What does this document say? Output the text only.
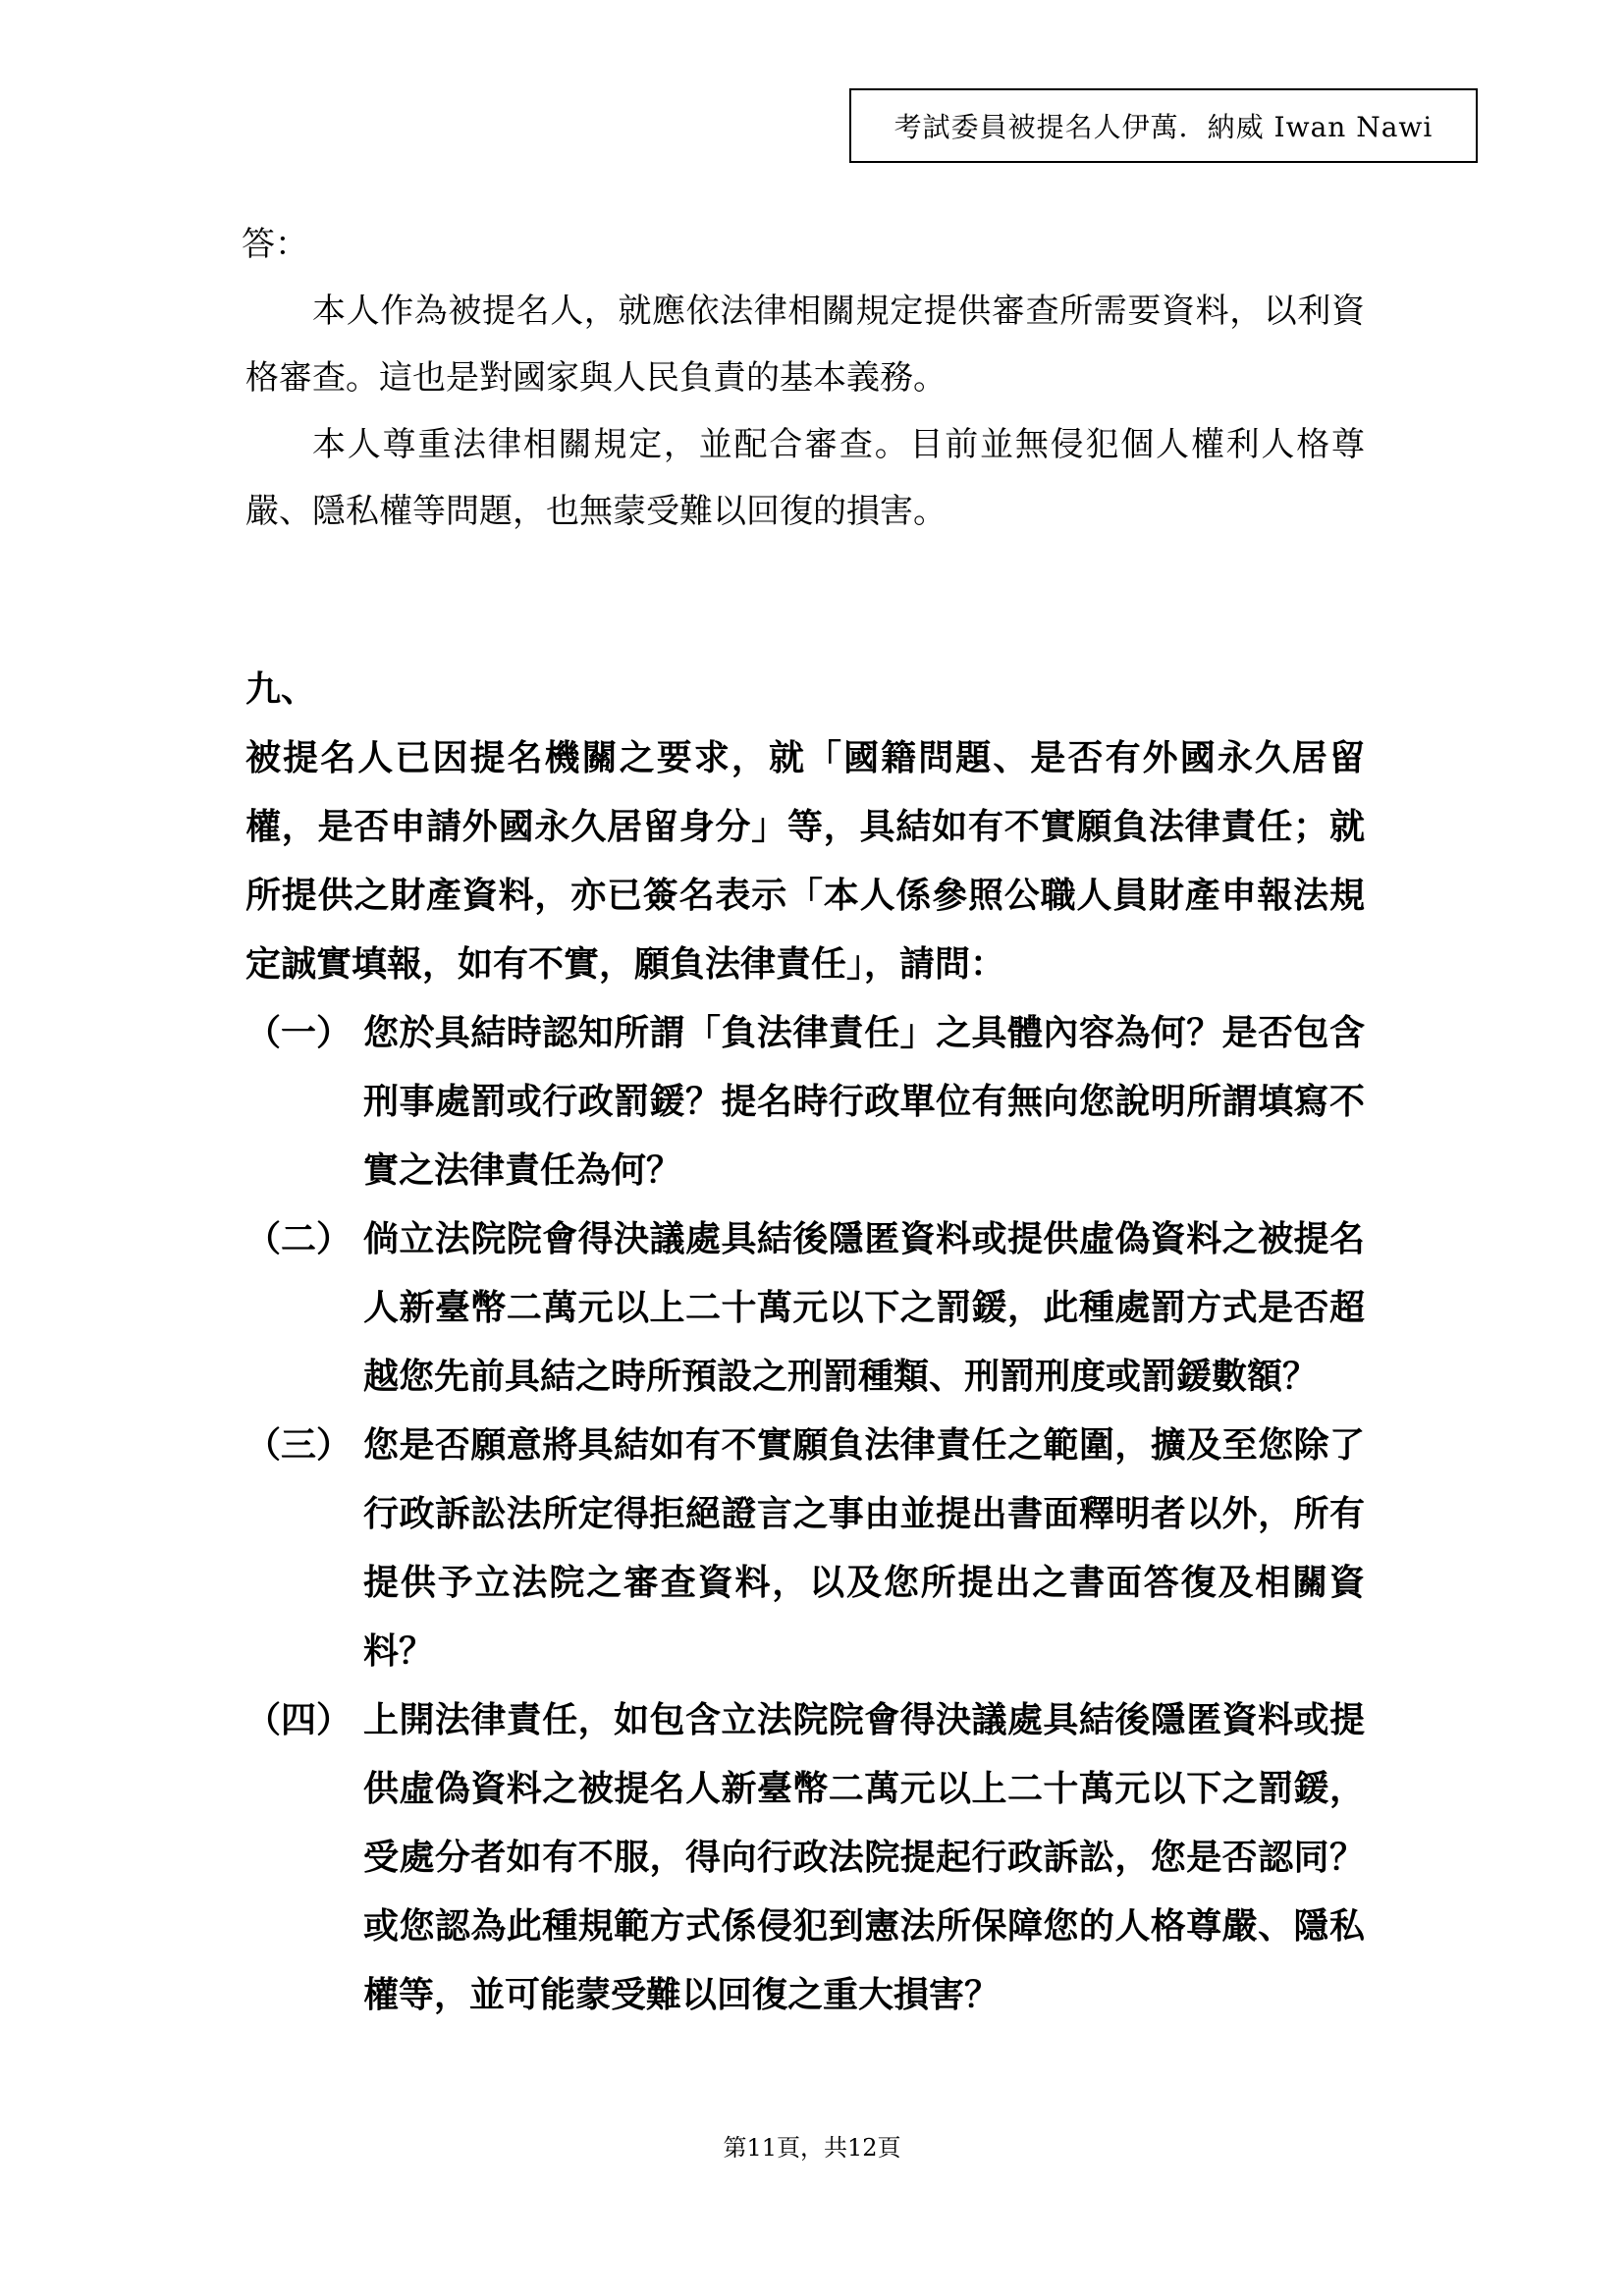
考試委員被提名人伊萬．納威 Iwan Nawi

答：

本人作為被提名人，就應依法律相關規定提供審查所需要資料，以利資格審查。這也是對國家與人民負責的基本義務。

本人尊重法律相關規定，並配合審查。目前並無侵犯個人權利人格尊嚴、隱私權等問題，也無蒙受難以回復的損害。

九、

被提名人已因提名機關之要求，就「國籍問題、是否有外國永久居留權，是否申請外國永久居留身分」等，具結如有不實願負法律責任；就所提供之財產資料，亦已簽名表示「本人係參照公職人員財產申報法規定誠實填報，如有不實，願負法律責任」，請問：

（一） 您於具結時認知所謂「負法律責任」之具體內容為何？是否包含刑事處罰或行政罰鍰？提名時行政單位有無向您說明所謂填寫不實之法律責任為何？
（二） 倘立法院院會得決議處具結後隱匿資料或提供虛偽資料之被提名人新臺幣二萬元以上二十萬元以下之罰鍰，此種處罰方式是否超越您先前具結之時所預設之刑罰種類、刑罰刑度或罰鍰數額？
（三） 您是否願意將具結如有不實願負法律責任之範圍，擴及至您除了行政訴訟法所定得拒絕證言之事由並提出書面釋明者以外，所有提供予立法院之審查資料，以及您所提出之書面答復及相關資料？
（四） 上開法律責任，如包含立法院院會得決議處具結後隱匿資料或提供虛偽資料之被提名人新臺幣二萬元以上二十萬元以下之罰鍰，受處分者如有不服，得向行政法院提起行政訴訟，您是否認同？或您認為此種規範方式係侵犯到憲法所保障您的人格尊嚴、隱私權等，並可能蒙受難以回復之重大損害？
第11頁，共12頁
